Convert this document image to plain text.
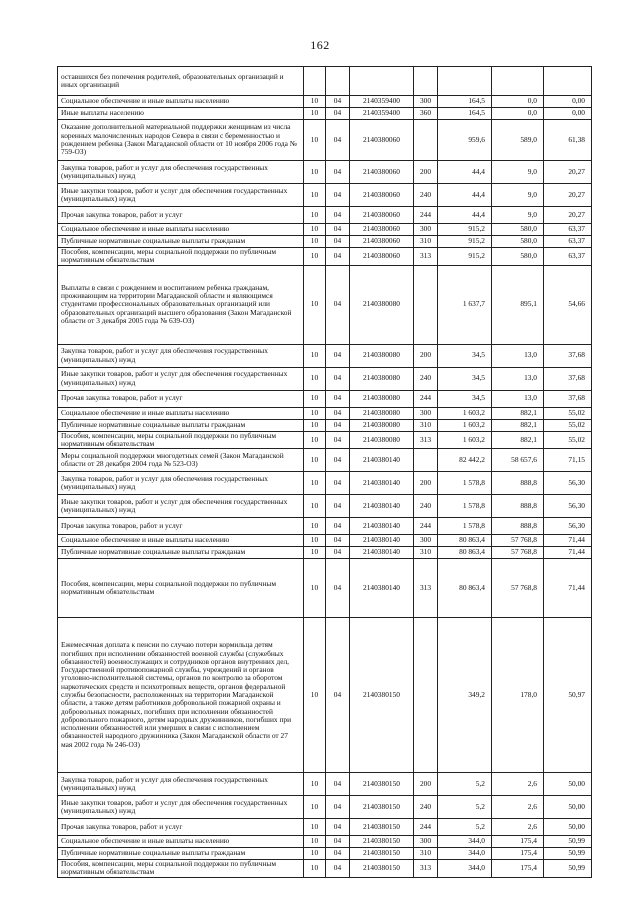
162
оставшихся без попечения родителей, образовательных организаций и иных организаций							
Социальное обеспечение и иные выплаты населению	10	04	2140359400	300	164,5	0,0	0,00
Иные выплаты населению	10	04	2140359400	360	164,5	0,0	0,00
Оказание дополнительной материальной поддержки женщинам из числа коренных малочисленных народов Севера в связи с беременностью и рождением ребенка (Закон Магаданской области от 10 ноября 2006 года № 759-ОЗ)	10	04	2140380060		959,6	589,0	61,38
Закупка товаров, работ и услуг для обеспечения государственных (муниципальных) нужд	10	04	2140380060	200	44,4	9,0	20,27
Иные закупки товаров, работ и услуг для обеспечения государственных (муниципальных) нужд	10	04	2140380060	240	44,4	9,0	20,27
Прочая закупка товаров, работ и услуг	10	04	2140380060	244	44,4	9,0	20,27
Социальное обеспечение и иные выплаты населению	10	04	2140380060	300	915,2	580,0	63,37
Публичные нормативные социальные выплаты гражданам	10	04	2140380060	310	915,2	580,0	63,37
Пособия, компенсации, меры социальной поддержки по публичным нормативным обязательствам	10	04	2140380060	313	915,2	580,0	63,37
Выплаты в связи с рождением и воспитанием ребенка гражданам, проживающим на территории Магаданской области и являющимся студентами профессиональных образовательных организаций или образовательных организаций высшего образования (Закон Магаданской области от 3 декабря 2005 года № 639-ОЗ)	10	04	2140380080		1 637,7	895,1	54,66
Закупка товаров, работ и услуг для обеспечения государственных (муниципальных) нужд	10	04	2140380080	200	34,5	13,0	37,68
Иные закупки товаров, работ и услуг для обеспечения государственных (муниципальных) нужд	10	04	2140380080	240	34,5	13,0	37,68
Прочая закупка товаров, работ и услуг	10	04	2140380080	244	34,5	13,0	37,68
Социальное обеспечение и иные выплаты населению	10	04	2140380080	300	1 603,2	882,1	55,02
Публичные нормативные социальные выплаты гражданам	10	04	2140380080	310	1 603,2	882,1	55,02
Пособия, компенсации, меры социальной поддержки по публичным нормативным обязательствам	10	04	2140380080	313	1 603,2	882,1	55,02
Меры социальной поддержки многодетных семей (Закон Магаданской области от 28 декабря 2004 года № 523-ОЗ)	10	04	2140380140		82 442,2	58 657,6	71,15
Закупка товаров, работ и услуг для обеспечения государственных (муниципальных) нужд	10	04	2140380140	200	1 578,8	888,8	56,30
Иные закупки товаров, работ и услуг для обеспечения государственных (муниципальных) нужд	10	04	2140380140	240	1 578,8	888,8	56,30
Прочая закупка товаров, работ и услуг	10	04	2140380140	244	1 578,8	888,8	56,30
Социальное обеспечение и иные выплаты населению	10	04	2140380140	300	80 863,4	57 768,8	71,44
Публичные нормативные социальные выплаты гражданам	10	04	2140380140	310	80 863,4	57 768,8	71,44
Пособия, компенсации, меры социальной поддержки по публичным нормативным обязательствам	10	04	2140380140	313	80 863,4	57 768,8	71,44
Ежемесячная доплата к пенсии по случаю потери кормильца детям погибших при исполнении обязанностей военной службы (служебных обязанностей) военнослужащих и сотрудников органов внутренних дел, Государственной противопожарной службы, учреждений и органов уголовно-исполнительной системы, органов по контролю за оборотом наркотических средств и психотропных веществ, органов федеральной службы безопасности, расположенных на территории Магаданской области, а также детям работников добровольной пожарной охраны и добровольных пожарных, погибших при исполнении обязанностей добровольного пожарного, детям народных дружинников, погибших при исполнении обязанностей или умерших в связи с исполнением обязанностей народного дружинника (Закон Магаданской области от 27 мая 2002 года № 246-ОЗ)	10	04	2140380150		349,2	178,0	50,97
Закупка товаров, работ и услуг для обеспечения государственных (муниципальных) нужд	10	04	2140380150	200	5,2	2,6	50,00
Иные закупки товаров, работ и услуг для обеспечения государственных (муниципальных) нужд	10	04	2140380150	240	5,2	2,6	50,00
Прочая закупка товаров, работ и услуг	10	04	2140380150	244	5,2	2,6	50,00
Социальное обеспечение и иные выплаты населению	10	04	2140380150	300	344,0	175,4	50,99
Публичные нормативные социальные выплаты гражданам	10	04	2140380150	310	344,0	175,4	50,99
Пособия, компенсации, меры социальной поддержки по публичным нормативным обязательствам	10	04	2140380150	313	344,0	175,4	50,99
